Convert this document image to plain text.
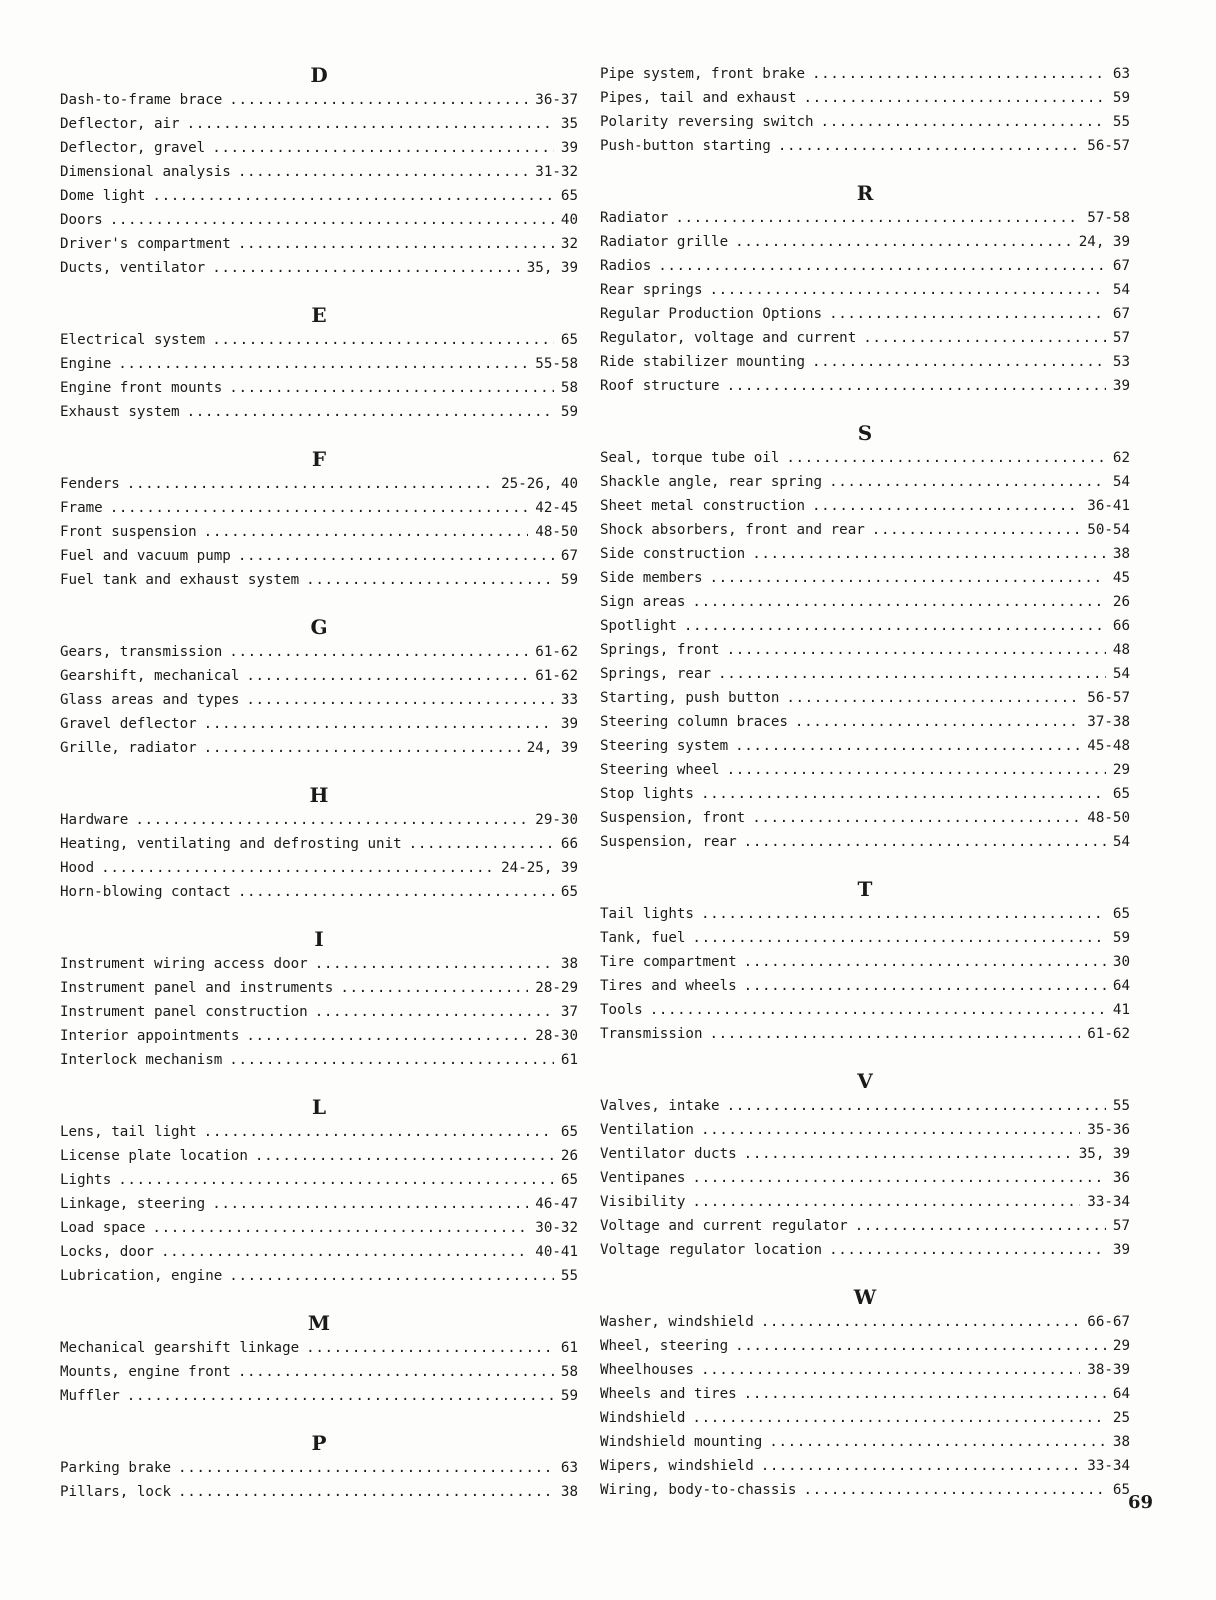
D
Dash-to-frame brace .....	36-37
Deflector, air .....	35
Deflector, gravel .....	39
Dimensional analysis .....	31-32
Dome light .....	65
Doors .....	40
Driver's compartment .....	32
Ducts, ventilator .....	35, 39
E
Electrical system .....	65
Engine .....	55-58
Engine front mounts .....	58
Exhaust system .....	59
F
Fenders .....	25-26, 40
Frame .....	42-45
Front suspension .....	48-50
Fuel and vacuum pump .....	67
Fuel tank and exhaust system .....	59
G
Gears, transmission .....	61-62
Gearshift, mechanical .....	61-62
Glass areas and types .....	33
Gravel deflector .....	39
Grille, radiator .....	24, 39
H
Hardware .....	29-30
Heating, ventilating and defrosting unit .....	66
Hood .....	24-25, 39
Horn-blowing contact .....	65
I
Instrument wiring access door .....	38
Instrument panel and instruments .....	28-29
Instrument panel construction .....	37
Interior appointments .....	28-30
Interlock mechanism .....	61
L
Lens, tail light .....	65
License plate location .....	26
Lights .....	65
Linkage, steering .....	46-47
Load space .....	30-32
Locks, door .....	40-41
Lubrication, engine .....	55
M
Mechanical gearshift linkage .....	61
Mounts, engine front .....	58
Muffler .....	59
P
Parking brake .....	63
Pillars, lock .....	38
Pipe system, front brake .....	63
Pipes, tail and exhaust .....	59
Polarity reversing switch .....	55
Push-button starting .....	56-57
R
Radiator .....	57-58
Radiator grille .....	24, 39
Radios .....	67
Rear springs .....	54
Regular Production Options .....	67
Regulator, voltage and current .....	57
Ride stabilizer mounting .....	53
Roof structure .....	39
S
Seal, torque tube oil .....	62
Shackle angle, rear spring .....	54
Sheet metal construction .....	36-41
Shock absorbers, front and rear .....	50-54
Side construction .....	38
Side members .....	45
Sign areas .....	26
Spotlight .....	66
Springs, front .....	48
Springs, rear .....	54
Starting, push button .....	56-57
Steering column braces .....	37-38
Steering system .....	45-48
Steering wheel .....	29
Stop lights .....	65
Suspension, front .....	48-50
Suspension, rear .....	54
T
Tail lights .....	65
Tank, fuel .....	59
Tire compartment .....	30
Tires and wheels .....	64
Tools .....	41
Transmission .....	61-62
V
Valves, intake .....	55
Ventilation .....	35-36
Ventilator ducts .....	35, 39
Ventipanes .....	36
Visibility .....	33-34
Voltage and current regulator .....	57
Voltage regulator location .....	39
W
Washer, windshield .....	66-67
Wheel, steering .....	29
Wheelhouses .....	38-39
Wheels and tires .....	64
Windshield .....	25
Windshield mounting .....	38
Wipers, windshield .....	33-34
Wiring, body-to-chassis .....	65
69
